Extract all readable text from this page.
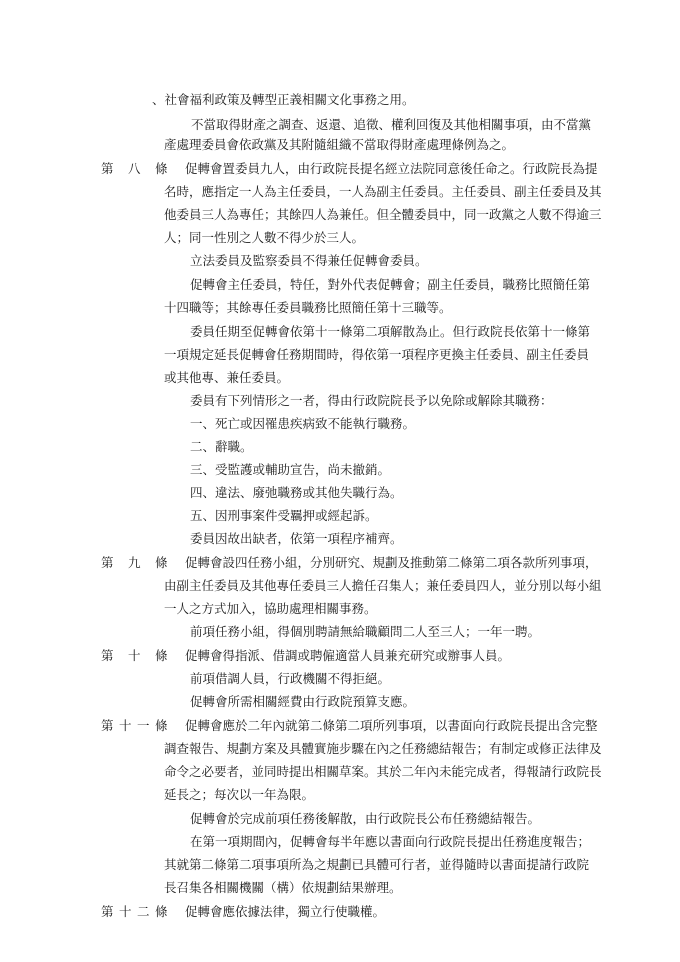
、社會福利政策及轉型正義相關文化事務之用。
不當取得財產之調查、返還、追徵、權利回復及其他相關事項，由不當黨
產處理委員會依政黨及其附隨組織不當取得財產處理條例為之。
第 八 條 促轉會置委員九人，由行政院長提名經立法院同意後任命之。行政院長為提
名時，應指定一人為主任委員，一人為副主任委員。主任委員、副主任委員及其
他委員三人為專任；其餘四人為兼任。但全體委員中，同一政黨之人數不得逾三
人；同一性別之人數不得少於三人。
立法委員及監察委員不得兼任促轉會委員。
促轉會主任委員，特任，對外代表促轉會；副主任委員，職務比照簡任第
十四職等；其餘專任委員職務比照簡任第十三職等。
委員任期至促轉會依第十一條第二項解散為止。但行政院長依第十一條第
一項規定延長促轉會任務期間時，得依第一項程序更換主任委員、副主任委員
或其他專、兼任委員。
委員有下列情形之一者，得由行政院院長予以免除或解除其職務：
一、死亡或因罹患疾病致不能執行職務。
二、辭職。
三、受監護或輔助宣告，尚未撤銷。
四、違法、廢弛職務或其他失職行為。
五、因刑事案件受羈押或經起訴。
委員因故出缺者，依第一項程序補齊。
第 九 條 促轉會設四任務小組，分別研究、規劃及推動第二條第二項各款所列事項，
由副主任委員及其他專任委員三人擔任召集人；兼任委員四人，並分別以每小組
一人之方式加入，協助處理相關事務。
前項任務小組，得個別聘請無給職顧問二人至三人；一年一聘。
第 十 條 促轉會得指派、借調或聘僱適當人員兼充研究或辦事人員。
前項借調人員，行政機關不得拒絕。
促轉會所需相關經費由行政院預算支應。
第 十 一 條 促轉會應於二年內就第二條第二項所列事項，以書面向行政院長提出含完整
調查報告、規劃方案及具體實施步驟在內之任務總結報告；有制定或修正法律及
命令之必要者，並同時提出相關草案。其於二年內未能完成者，得報請行政院長
延長之；每次以一年為限。
促轉會於完成前項任務後解散，由行政院長公布任務總結報告。
在第一項期間內，促轉會每半年應以書面向行政院長提出任務進度報告；
其就第二條第二項事項所為之規劃已具體可行者，並得隨時以書面提請行政院
長召集各相關機關（構）依規劃結果辦理。
第 十 二 條 促轉會應依據法律，獨立行使職權。
